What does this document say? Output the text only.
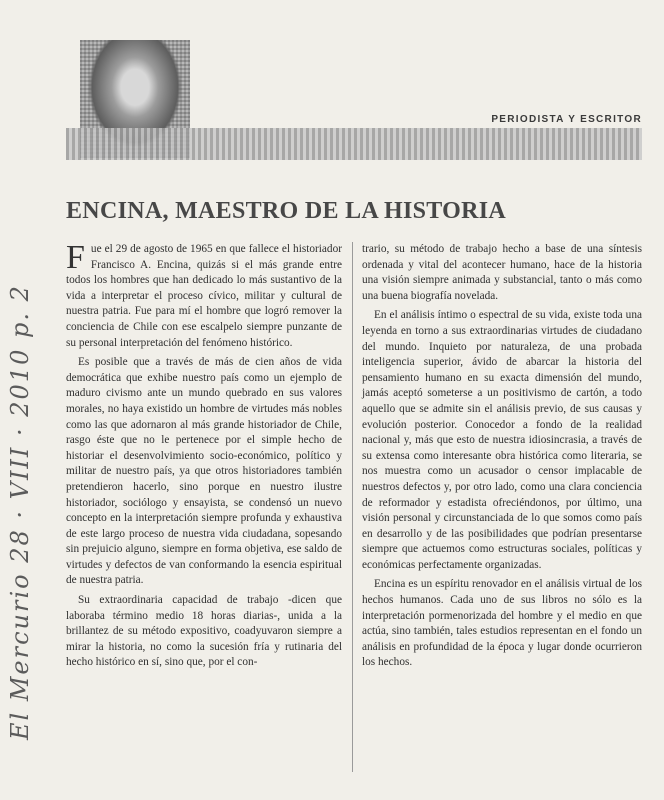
PERIODISTA Y ESCRITOR
ENCINA, MAESTRO DE LA HISTORIA

Fue el 29 de agosto de 1965 en que fallece el historiador Francisco A. Encina, quizás si el más grande entre todos los hombres que han dedicado lo más sustantivo de la vida a interpretar el proceso cívico, militar y cultural de nuestra patria. Fue para mí el hombre que logró remover la conciencia de Chile con ese escalpelo siempre punzante de su personal interpretación del fenómeno histórico.

Es posible que a través de más de cien años de vida democrática que exhibe nuestro país como un ejemplo de maduro civismo ante un mundo quebrado en sus valores morales, no haya existido un hombre de virtudes más nobles como las que adornaron al más grande historiador de Chile, rasgo éste que no le pertenece por el simple hecho de historiar el desenvolvimiento socio-económico, político y militar de nuestro país, ya que otros historiadores también pretendieron hacerlo, sino porque en nuestro ilustre historiador, sociólogo y ensayista, se condensó un nuevo concepto en la interpretación siempre profunda y exhaustiva de este largo proceso de nuestra vida ciudadana, sopesando sin prejuicio alguno, siempre en forma objetiva, ese saldo de virtudes y defectos de van conformando la esencia espiritual de nuestra patria.

Su extraordinaria capacidad de trabajo -dicen que laboraba término medio 18 horas diarias-, unida a la brillantez de su método expositivo, coadyuvaron siempre a mirar la historia, no como la sucesión fría y rutinaria del hecho histórico en sí, sino que, por el con-

trario, su método de trabajo hecho a base de una síntesis ordenada y vital del acontecer humano, hace de la historia una visión siempre animada y substancial, tanto o más como una buena biografía novelada.

En el análisis íntimo o espectral de su vida, existe toda una leyenda en torno a sus extraordinarias virtudes de ciudadano del mundo. Inquieto por naturaleza, de una probada inteligencia superior, ávido de abarcar la historia del pensamiento humano en su exacta dimensión del mundo, jamás aceptó someterse a un positivismo de cartón, a todo aquello que se admite sin el análisis previo, de sus causas y evolución posterior. Conocedor a fondo de la realidad nacional y, más que esto de nuestra idiosincrasia, a través de su extensa como interesante obra histórica como literaria, se nos muestra como un acusador o censor implacable de nuestros defectos y, por otro lado, como una clara conciencia de reformador y estadista ofreciéndonos, por último, una visión personal y circunstanciada de lo que somos como país en desarrollo y de las posibilidades que podrían presentarse siempre que actuemos como estructuras sociales, políticas y económicas perfectamente organizadas.

Encina es un espíritu renovador en el análisis virtual de los hechos humanos. Cada uno de sus libros no sólo es la interpretación pormenorizada del hombre y el medio en que actúa, sino también, tales estudios representan en el fondo un análisis en profundidad de la época y lugar donde ocurrieron los hechos.

El Mercurio 28 · VIII · 2010 p. 2
